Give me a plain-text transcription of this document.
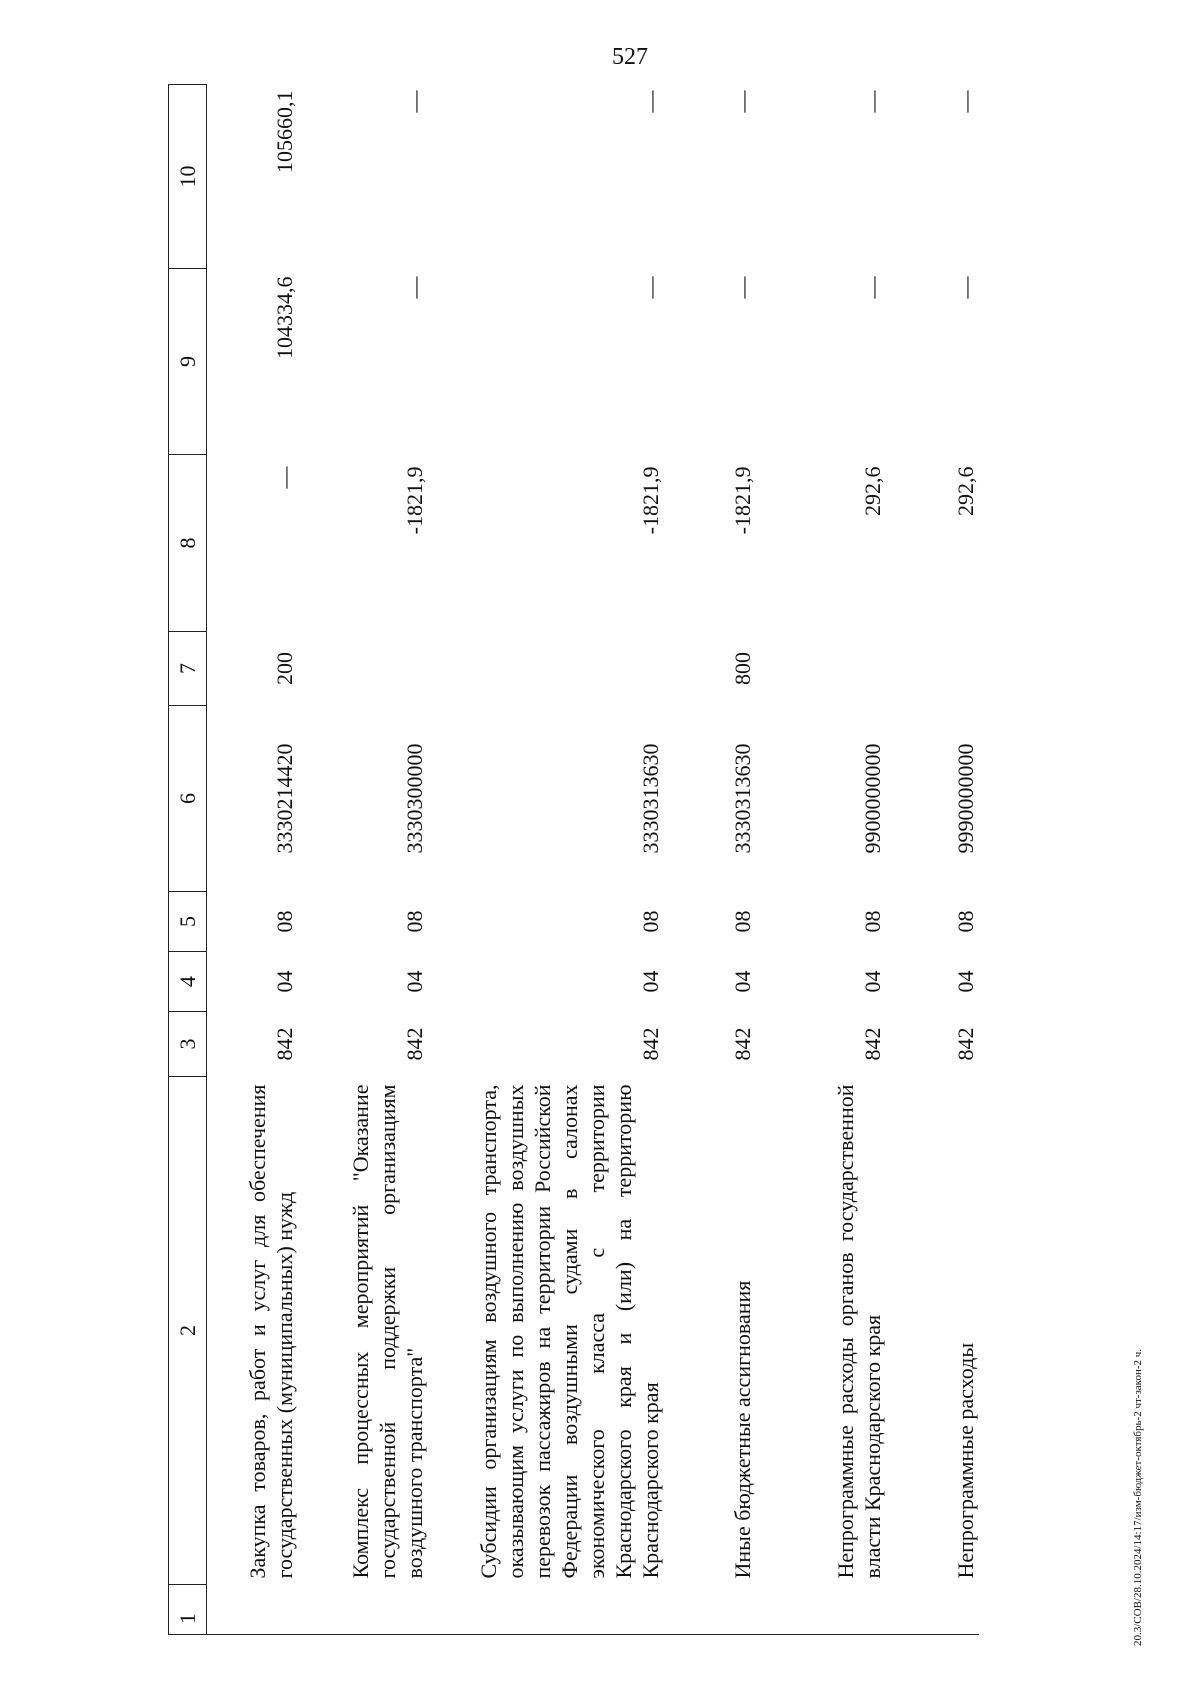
527
1	2	3	4	5	6	7	8	9	10
	Закупка товаров, работ и услуг для обеспечения государственных (муниципальных) нужд	842	04	08	3330214420	200	—	104334,6	105660,1
	Комплекс процессных мероприятий "Оказание государственной поддержки организациям воздушного транспорта"	842	04	08	3330300000		-1821,9	—	—
	Субсидии организациям воздушного транспорта, оказывающим услуги по выполнению воздушных перевозок пассажиров на территории Российской Федерации воздушными судами в салонах экономического класса с территории Краснодарского края и (или) на территорию Краснодарского края	842	04	08	3330313630		-1821,9	—	—
	Иные бюджетные ассигнования	842	04	08	3330313630	800	-1821,9	—	—
	Непрограммные расходы органов государственной власти Краснодарского края	842	04	08	9900000000		292,6	—	—
	Непрограммные расходы	842	04	08	9990000000		292,6	—	—
20.3/СОВ/28.10.2024/14:17/изм-бюджет-октябрь-2 чт-закон-2 ч.
